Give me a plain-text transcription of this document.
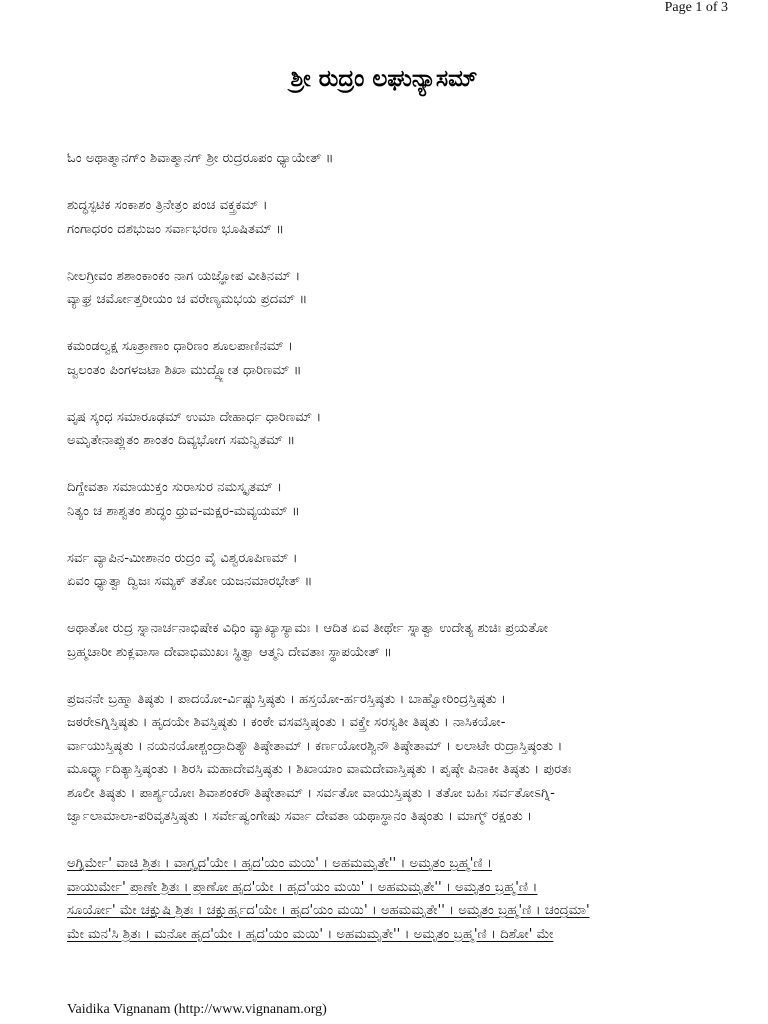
Page 1 of 3
ಶ್ರೀ ರುದ್ರಂ ಲಘುನ್ಯಾಸಮ್
ಓಂ ಅಥಾತ್ಮಾನಗ್ಂ ಶಿವಾತ್ಮಾನಗ್ ಶ್ರೀ ರುದ್ರರೂಪಂ ಧ್ಯಾಯೇತ್ ॥
ಶುದ್ಧಸ್ಫಟಿಕ ಸಂಕಾಶಂ ತ್ರಿನೇತ್ರಂ ಪಂಚ ವಕ್ತ್ರಕಮ್ ।
ಗಂಗಾಧರಂ ದಶಭುಜಂ ಸರ್ವಾಭರಣ ಭೂಷಿತಮ್ ॥
ನೀಲಗ್ರೀವಂ ಶಶಾಂಕಾಂಕಂ ನಾಗ ಯಜ್ಞೋಪ ವೀತಿನಮ್ ।
ವ್ಯಾಘ್ರ ಚರ್ಮೋತ್ತರೀಯಂ ಚ ವರೇಣ್ಯಮಭಯ ಪ್ರದಮ್ ॥
ಕಮಂಡಲ್ವಕ್ಷ ಸೂತ್ರಾಣಾಂ ಧಾರಿಣಂ ಶೂಲಪಾಣಿನಮ್ ।
ಜ್ವಲಂತಂ ಪಿಂಗಳಜಟಾ ಶಿಖಾ ಮುದ್ದ್ಯೋತ ಧಾರಿಣಮ್ ॥
ವೃಷ ಸ್ಕಂಧ ಸಮಾರೂಢಮ್ ಉಮಾ ದೇಹಾರ್ಧ ಧಾರಿಣಮ್ ।
ಅಮೃತೇನಾಪ್ಲುತಂ ಶಾಂತಂ ದಿವ್ಯಭೋಗ ಸಮನ್ವಿತಮ್ ॥
ದಿಗ್ದೇವತಾ ಸಮಾಯುಕ್ತಂ ಸುರಾಸುರ ನಮಸ್ಕೃತಮ್ ।
ನಿತ್ಯಂ ಚ ಶಾಶ್ವತಂ ಶುದ್ಧಂ ಧ್ರುವ-ಮಕ್ಷರ-ಮವ್ಯಯಮ್ ॥
ಸರ್ವ ವ್ಯಾಪಿನ-ಮೀಶಾನಂ ರುದ್ರಂ ವೈ ವಿಶ್ವರೂಪಿಣಮ್ ।
ಏವಂ ಧ್ಯಾತ್ವಾ ದ್ವಿಜಃ ಸಮ್ಯಕ್ ತತೋ ಯಜನಮಾರಭೇತ್ ॥
ಅಥಾತೋ ರುದ್ರ ಸ್ನಾನಾರ್ಚನಾಭಿಷೇಕ ವಿಧಿಂ ವ್ಯಾಖ್ಯಾಸ್ಯಾಮಃ । ಆದಿತ ಏವ ತೀರ್ಥೇ ಸ್ನಾತ್ವಾ ಉದೇತ್ಯ ಶುಚಿಃ ಪ್ರಯತೋ
ಬ್ರಹ್ಮಚಾರೀ ಶುಕ್ಲವಾಸಾ ದೇವಾಭಿಮುಖಃ ಸ್ಥಿತ್ವಾ ಆತ್ಮನಿ ದೇವತಾಃ ಸ್ಥಾಪಯೇತ್ ॥
ಪ್ರಜನನೇ ಬ್ರಹ್ಮಾ ತಿಷ್ಠತು । ಪಾದಯೋ-ರ್ವಿಷ್ಣುಸ್ತಿಷ್ಠತು । ಹಸ್ತಯೋ-ರ್ಹರಸ್ತಿಷ್ಠತು । ಬಾಹ್ವೋರಿಂದ್ರಸ್ತಿಷ್ಠತು ।
ಜಠರೇಽಗ್ನಿಸ್ತಿಷ್ಠತು । ಹೃದಯೇ ಶಿವಸ್ತಿಷ್ಠತು । ಕಂಠೇ ವಸವಸ್ತಿಷ್ಠಂತು । ವಕ್ತ್ರೇ ಸರಸ್ವತೀ ತಿಷ್ಠತು । ನಾಸಿಕಯೋ-
ರ್ವಾಯುಸ್ತಿಷ್ಠತು । ನಯನಯೋಶ್ಚಂದ್ರಾದಿತ್ಯೌ ತಿಷ್ಠೇತಾಮ್ । ಕರ್ಣಯೋರಶ್ವಿನೌ ತಿಷ್ಠೇತಾಮ್ । ಲಲಾಟೇ ರುದ್ರಾಸ್ತಿಷ್ಠಂತು ।
ಮೂರ್ಧ್ನ್ಯಾದಿತ್ಯಾಸ್ತಿಷ್ಠಂತು । ಶಿರಸಿ ಮಹಾದೇವಸ್ತಿಷ್ಠತು । ಶಿಖಾಯಾಂ ವಾಮದೇವಾಸ್ತಿಷ್ಠತು । ಪೃಷ್ಠೇ ಪಿನಾಕೀ ತಿಷ್ಠತು । ಪುರತಃ
ಶೂಲೀ ತಿಷ್ಠತು । ಪಾರ್ಶ್ಯಯೋಃ ಶಿವಾಶಂಕರೌ ತಿಷ್ಠೇತಾಮ್ । ಸರ್ವತೋ ವಾಯುಸ್ತಿಷ್ಠತು । ತತೋ ಬಹಿಃ ಸರ್ವತೋಽಗ್ನಿ-
ರ್ಜ್ವಾಲಾಮಾಲಾ-ಪರಿವೃತಸ್ತಿಷ್ಠತು । ಸರ್ವೇಷ್ವಂಗೇಷು ಸರ್ವಾ ದೇವತಾ ಯಥಾಸ್ಥಾನಂ ತಿಷ್ಠಂತು । ಮಾಗ್ಮ್ ರಕ್ಷಂತು ।
ಅಗ್ನಿರ್ಮೇ' ವಾಚಿ ಶ್ರಿತಃ । ವಾಗ್ಘೃದ'ಯೇ । ಹೃದ'ಯಂ ಮಯಿ' । ಅಹಮಮೃತೇ'' । ಅಮೃತಂ ಬ್ರಹ್ಮ'ಣಿ ।
ವಾಯುರ್ಮೇ' ಪ್ರಾಣೇ ಶ್ರಿತಃ । ಪ್ರಾಣೋ ಹೃದ'ಯೇ । ಹೃದ'ಯಂ ಮಯಿ' । ಅಹಮಮೃತೇ'' । ಅಮೃತಂ ಬ್ರಹ್ಮ'ಣಿ ।
ಸೂರ್ಯೋ' ಮೇ ಚಕ್ಷುಷಿ ಶ್ರಿತಃ । ಚಕ್ಷುರ್ಹೃದ'ಯೇ । ಹೃದ'ಯಂ ಮಯಿ' । ಅಹಮಮೃತೇ'' । ಅಮೃತಂ ಬ್ರಹ್ಮ'ಣಿ । ಚಂದ್ರಮಾ'
ಮೇ ಮನ'ಸಿ ಶ್ರಿತಃ । ಮನೋ ಹೃದ'ಯೇ । ಹೃದ'ಯಂ ಮಯಿ' । ಅಹಮಮೃತೇ'' । ಅಮೃತಂ ಬ್ರಹ್ಮ'ಣಿ । ದಿಶೋ' ಮೇ
Vaidika Vignanam (http://www.vignanam.org)
